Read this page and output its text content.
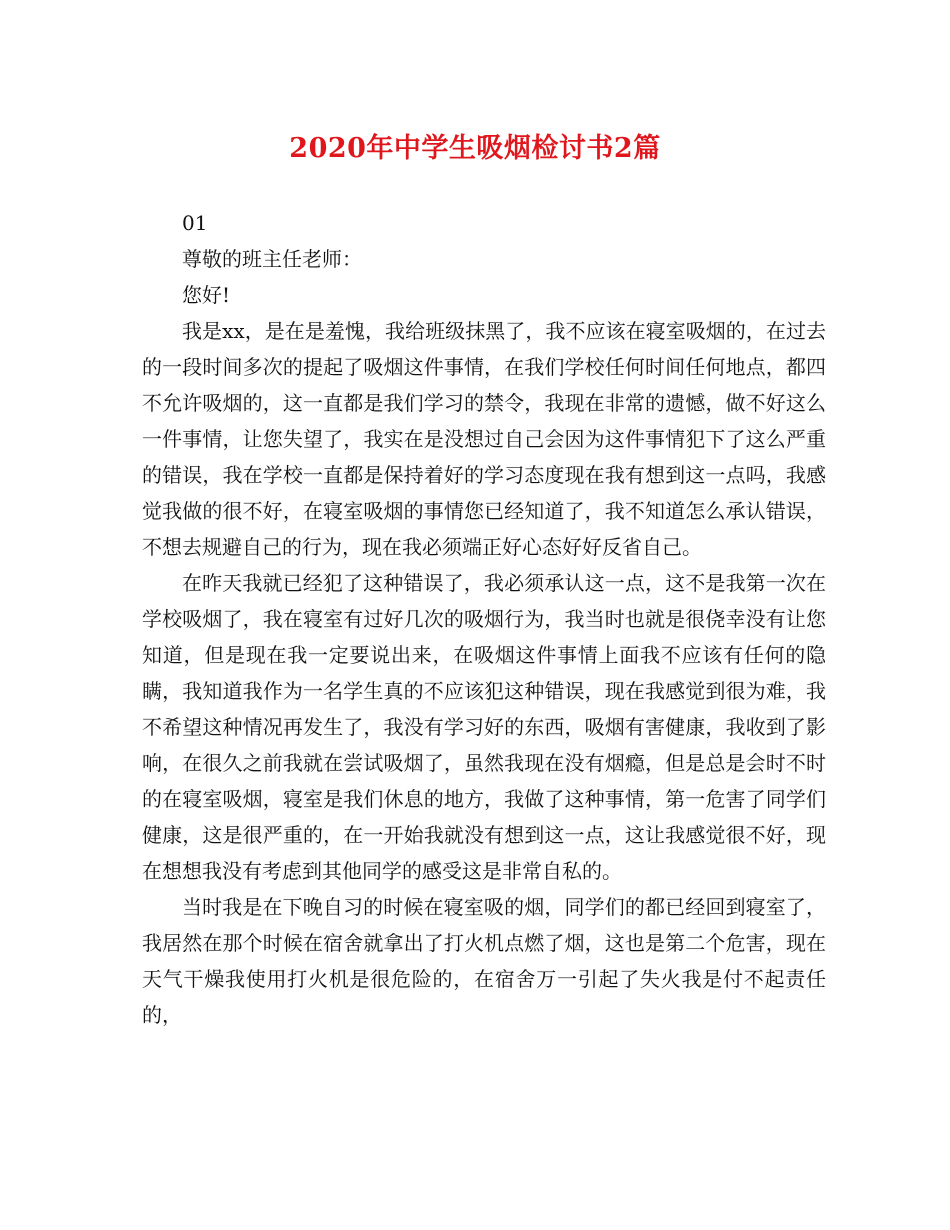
2020年中学生吸烟检讨书2篇

01

尊敬的班主任老师：

您好!

我是xx，是在是羞愧，我给班级抹黑了，我不应该在寝室吸烟的，在过去的一段时间多次的提起了吸烟这件事情，在我们学校任何时间任何地点，都四不允许吸烟的，这一直都是我们学习的禁令，我现在非常的遗憾，做不好这么一件事情，让您失望了，我实在是没想过自己会因为这件事情犯下了这么严重的错误，我在学校一直都是保持着好的学习态度现在我有想到这一点吗，我感觉我做的很不好，在寝室吸烟的事情您已经知道了，我不知道怎么承认错误，不想去规避自己的行为，现在我必须端正好心态好好反省自己。

在昨天我就已经犯了这种错误了，我必须承认这一点，这不是我第一次在学校吸烟了，我在寝室有过好几次的吸烟行为，我当时也就是很侥幸没有让您知道，但是现在我一定要说出来，在吸烟这件事情上面我不应该有任何的隐瞒，我知道我作为一名学生真的不应该犯这种错误，现在我感觉到很为难，我不希望这种情况再发生了，我没有学习好的东西，吸烟有害健康，我收到了影响，在很久之前我就在尝试吸烟了，虽然我现在没有烟瘾，但是总是会时不时的在寝室吸烟，寝室是我们休息的地方，我做了这种事情，第一危害了同学们健康，这是很严重的，在一开始我就没有想到这一点，这让我感觉很不好，现在想想我没有考虑到其他同学的感受这是非常自私的。

当时我是在下晚自习的时候在寝室吸的烟，同学们的都已经回到寝室了，我居然在那个时候在宿舍就拿出了打火机点燃了烟，这也是第二个危害，现在天气干燥我使用打火机是很危险的，在宿舍万一引起了失火我是付不起责任的，
